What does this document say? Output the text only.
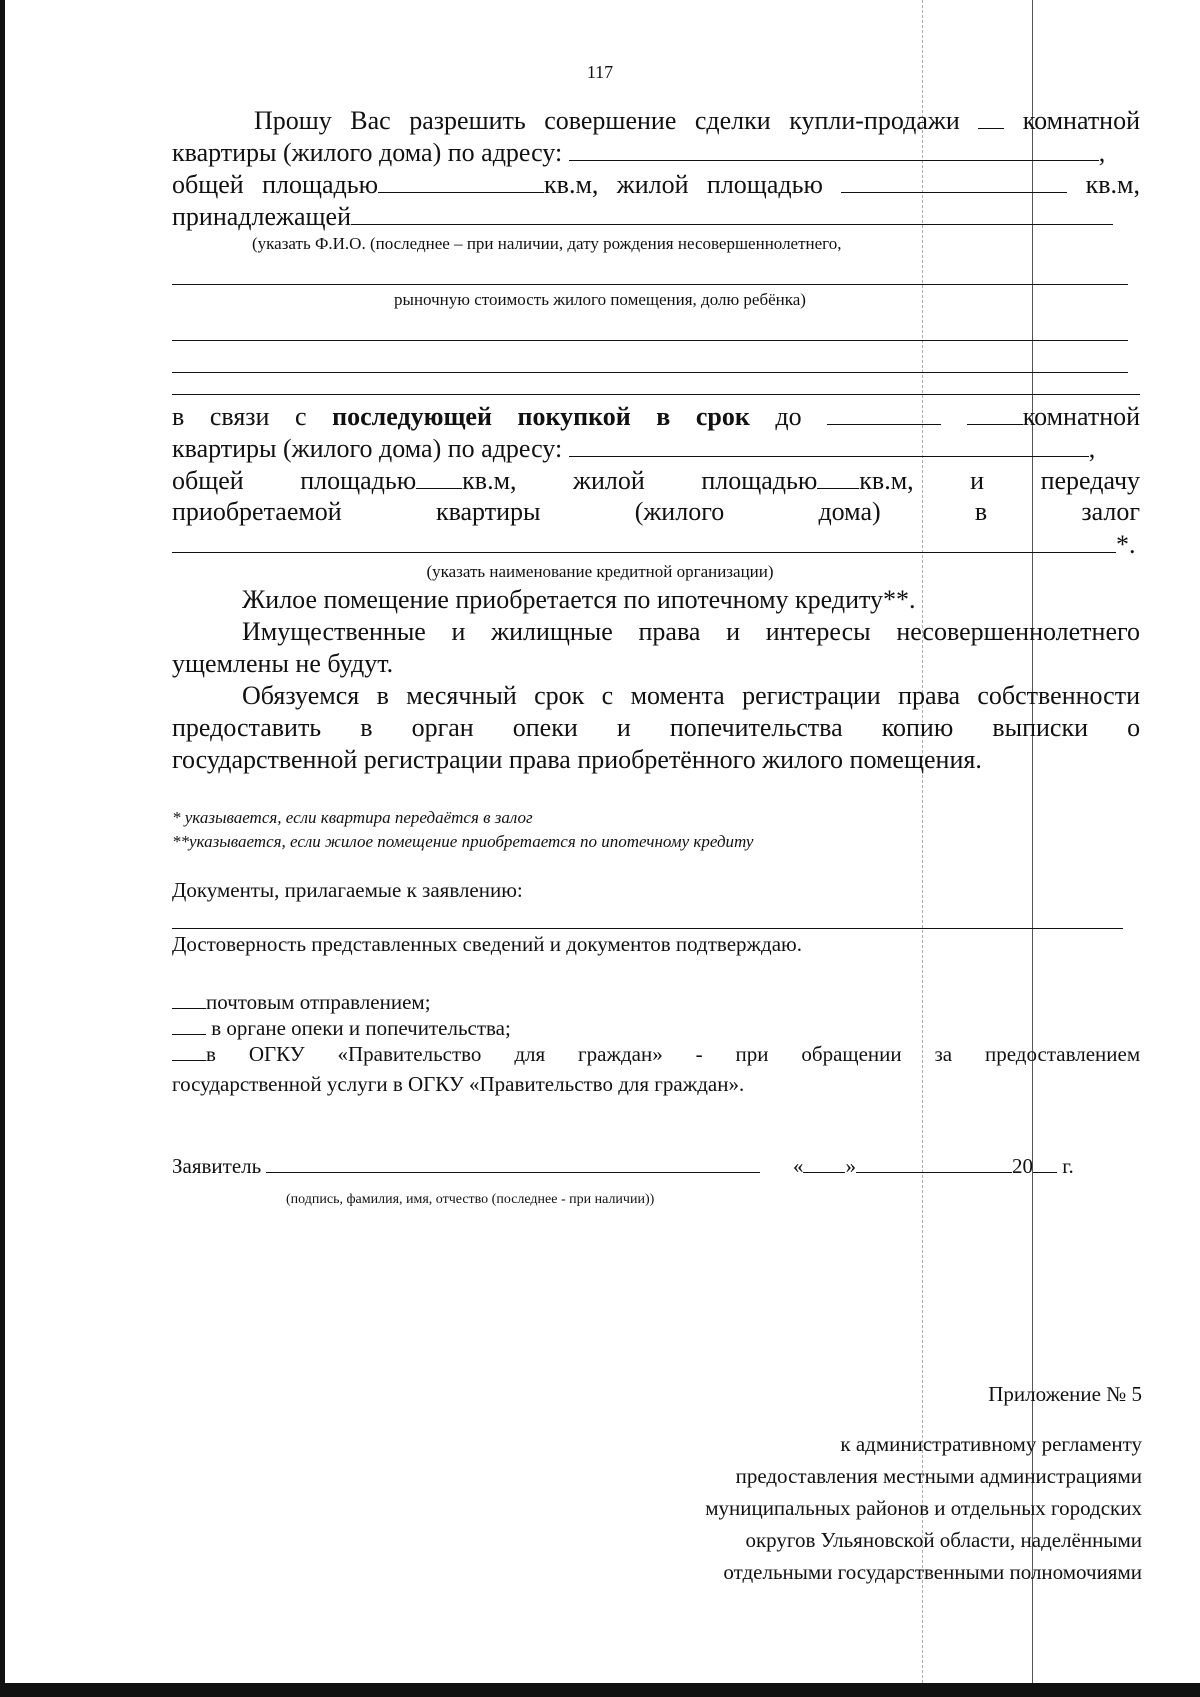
117
Прошу Вас разрешить совершение сделки купли-продажи комнатной
квартиры (жилого дома) по адресу:	,
общей площадью	кв.м, жилой площадью	кв.м,
принадлежащей
(указать Ф.И.О. (последнее – при наличии, дату рождения несовершеннолетнего,
рыночную стоимость жилого помещения, долю ребёнка)
в связи с последующей покупкой в срок до	комнатной
квартиры (жилого дома) по адресу:	,
общей площадью кв.м, жилой площадью кв.м, и передачу
приобретаемой	квартиры	(жилого	дома)	в	залог
*.
(указать наименование кредитной организации)
Жилое помещение приобретается по ипотечному кредиту**.
Имущественные и жилищные права и интересы несовершеннолетнего
ущемлены не будут.
Обязуемся в месячный срок с момента регистрации права собственности
предоставить в орган опеки и попечительства копию выписки о
государственной регистрации права приобретённого жилого помещения.
* указывается, если квартира передаётся в залог
**указывается, если жилое помещение приобретается по ипотечному кредиту
Документы, прилагаемые к заявлению:
Достоверность представленных сведений и документов подтверждаю.
почтовым отправлением;
в органе опеки и попечительства;
в ОГКУ «Правительство для граждан» - при обращении за предоставлением
государственной услуги в ОГКУ «Правительство для граждан».
Заявитель	« »	20 г.
(подпись, фамилия, имя, отчество (последнее - при наличии))
Приложение № 5
к административному регламенту
предоставления местными администрациями
муниципальных районов и отдельных городских
округов Ульяновской области, наделёнными
отдельными государственными полномочиями
